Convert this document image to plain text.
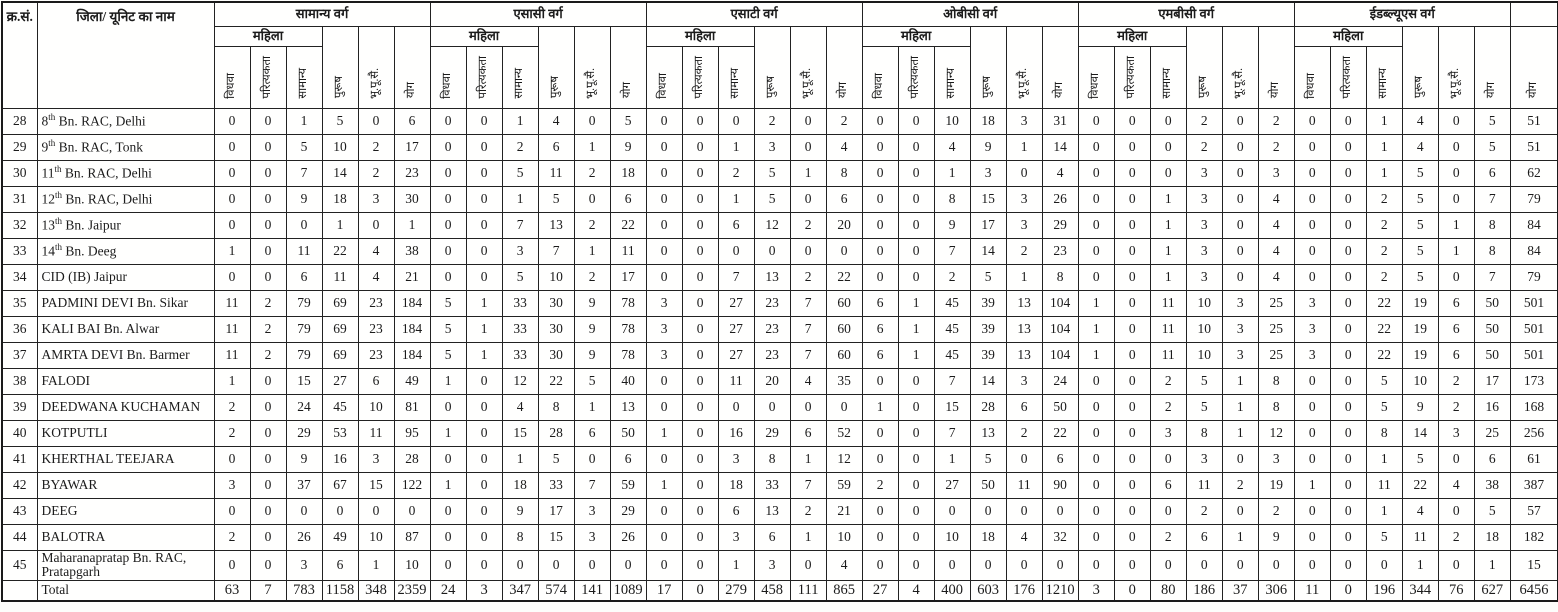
क्र.सं.	जिला/ यूनिट का नाम	सामान्य वर्ग						एसासी वर्ग						एसाटी वर्ग						ओबीसी वर्ग						एमबीसी वर्ग						ईडब्ल्यूएस वर्ग						
		महिला			पुरूष	भू.पू.सै.	योग	महिला			पुरूष	भू.पू.सै.	योग	महिला			पुरूष	भू.पू.सै.	योग	महिला			पुरूष	भू.पू.सै.	योग	महिला			पुरूष	भू.पू.सै.	योग	महिला			पुरूष	भू.पू.सै.	योग	योग
		विधवा	परित्यकता	सामान्य				विधवा	परित्यकता	सामान्य				विधवा	परित्यकता	सामान्य				विधवा	परित्यकता	सामान्य				विधवा	परित्यकता	सामान्य				विधवा	परित्यकता	सामान्य				
28	8th Bn. RAC, Delhi	0	0	1	5	0	6	0	0	1	4	0	5	0	0	0	2	0	2	0	0	10	18	3	31	0	0	0	2	0	2	0	0	1	4	0	5	51
29	9th Bn. RAC, Tonk	0	0	5	10	2	17	0	0	2	6	1	9	0	0	1	3	0	4	0	0	4	9	1	14	0	0	0	2	0	2	0	0	1	4	0	5	51
30	11th Bn. RAC, Delhi	0	0	7	14	2	23	0	0	5	11	2	18	0	0	2	5	1	8	0	0	1	3	0	4	0	0	0	3	0	3	0	0	1	5	0	6	62
31	12th Bn. RAC, Delhi	0	0	9	18	3	30	0	0	1	5	0	6	0	0	1	5	0	6	0	0	8	15	3	26	0	0	1	3	0	4	0	0	2	5	0	7	79
32	13th Bn. Jaipur	0	0	0	1	0	1	0	0	7	13	2	22	0	0	6	12	2	20	0	0	9	17	3	29	0	0	1	3	0	4	0	0	2	5	1	8	84
33	14th Bn. Deeg	1	0	11	22	4	38	0	0	3	7	1	11	0	0	0	0	0	0	0	0	7	14	2	23	0	0	1	3	0	4	0	0	2	5	1	8	84
34	CID (IB) Jaipur	0	0	6	11	4	21	0	0	5	10	2	17	0	0	7	13	2	22	0	0	2	5	1	8	0	0	1	3	0	4	0	0	2	5	0	7	79
35	PADMINI DEVI Bn. Sikar	11	2	79	69	23	184	5	1	33	30	9	78	3	0	27	23	7	60	6	1	45	39	13	104	1	0	11	10	3	25	3	0	22	19	6	50	501
36	KALI BAI Bn. Alwar	11	2	79	69	23	184	5	1	33	30	9	78	3	0	27	23	7	60	6	1	45	39	13	104	1	0	11	10	3	25	3	0	22	19	6	50	501
37	AMRTA DEVI Bn. Barmer	11	2	79	69	23	184	5	1	33	30	9	78	3	0	27	23	7	60	6	1	45	39	13	104	1	0	11	10	3	25	3	0	22	19	6	50	501
38	FALODI	1	0	15	27	6	49	1	0	12	22	5	40	0	0	11	20	4	35	0	0	7	14	3	24	0	0	2	5	1	8	0	0	5	10	2	17	173
39	DEEDWANA KUCHAMAN	2	0	24	45	10	81	0	0	4	8	1	13	0	0	0	0	0	0	1	0	15	28	6	50	0	0	2	5	1	8	0	0	5	9	2	16	168
40	KOTPUTLI	2	0	29	53	11	95	1	0	15	28	6	50	1	0	16	29	6	52	0	0	7	13	2	22	0	0	3	8	1	12	0	0	8	14	3	25	256
41	KHERTHAL TEEJARA	0	0	9	16	3	28	0	0	1	5	0	6	0	0	3	8	1	12	0	0	1	5	0	6	0	0	0	3	0	3	0	0	1	5	0	6	61
42	BYAWAR	3	0	37	67	15	122	1	0	18	33	7	59	1	0	18	33	7	59	2	0	27	50	11	90	0	0	6	11	2	19	1	0	11	22	4	38	387
43	DEEG	0	0	0	0	0	0	0	0	9	17	3	29	0	0	6	13	2	21	0	0	0	0	0	0	0	0	0	2	0	2	0	0	1	4	0	5	57
44	BALOTRA	2	0	26	49	10	87	0	0	8	15	3	26	0	0	3	6	1	10	0	0	10	18	4	32	0	0	2	6	1	9	0	0	5	11	2	18	182
45	Maharanapratap Bn. RAC, Pratapgarh	0	0	3	6	1	10	0	0	0	0	0	0	0	0	1	3	0	4	0	0	0	0	0	0	0	0	0	0	0	0	0	0	0	1	0	1	15
	Total	63	7	783	1158	348	2359	24	3	347	574	141	1089	17	0	279	458	111	865	27	4	400	603	176	1210	3	0	80	186	37	306	11	0	196	344	76	627	6456
